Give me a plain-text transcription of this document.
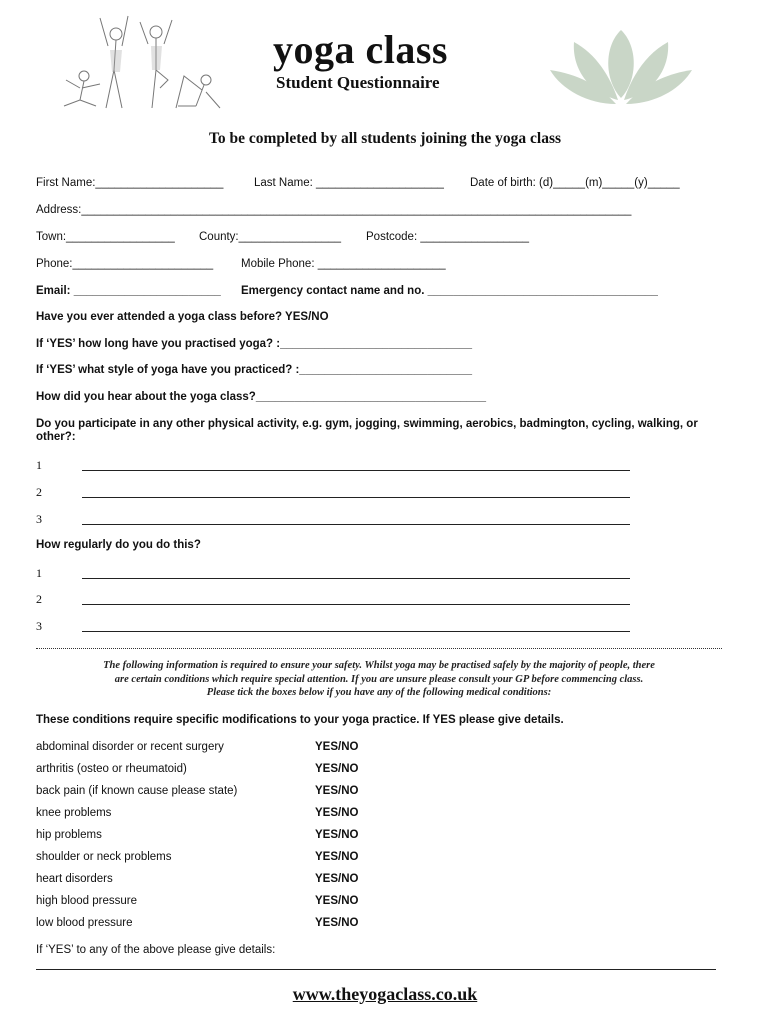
yoga class
Student Questionnaire
To be completed by all students joining the yoga class
First Name:____________________	Last Name: ____________________ Date of birth: (d)_____(m)_____(y)_____
Address:______________________________________________________________________________________
Town:_________________ County:________________ Postcode: _________________
Phone:______________________ Mobile Phone: ____________________
Email: _______________________ Emergency contact name and no. ____________________________________
Have you ever attended a yoga class before? YES/NO
If ‘YES’ how long have you practised yoga? :______________________________
If ‘YES’ what style of yoga have you practiced? :___________________________
How did you hear about the yoga class?____________________________________
Do you participate in any other physical activity, e.g. gym, jogging, swimming, aerobics, badmington, cycling, walking, or other?:
1
2
3
How regularly do you do this?
1
2
3
The following information is required to ensure your safety. Whilst yoga may be practised safely by the majority of people, there
are certain conditions which require special attention. If you are unsure please consult your GP before commencing class.
Please tick the boxes below if you have any of the following medical conditions:
These conditions require specific modifications to your yoga practice. If YES please give details.
abdominal disorder or recent surgery	YES/NO
arthritis (osteo or rheumatoid)	YES/NO
back pain (if known cause please state)	YES/NO
knee problems	YES/NO
hip problems	YES/NO
shoulder or neck problems	YES/NO
heart disorders	YES/NO
high blood pressure	YES/NO
low blood pressure	YES/NO
If ‘YES’ to any of the above please give details:
www.theyogaclass.co.uk
